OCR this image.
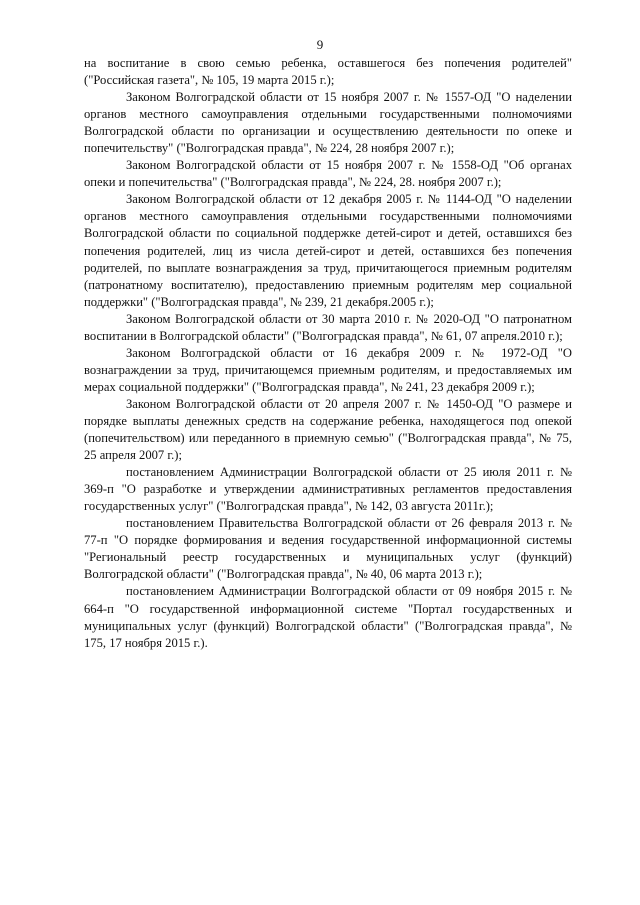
9

на воспитание в свою семью ребенка, оставшегося без попечения родителей" ("Российская газета", № 105, 19 марта 2015 г.);

Законом Волгоградской области от 15 ноября 2007 г. № 1557-ОД "О наделении органов местного самоуправления отдельными государственными полномочиями Волгоградской области по организации и осуществлению деятельности по опеке и попечительству" ("Волгоградская правда", № 224, 28 ноября 2007 г.);

Законом Волгоградской области от 15 ноября 2007 г. № 1558-ОД "Об органах опеки и попечительства" ("Волгоградская правда", № 224, 28. ноября 2007 г.);

Законом Волгоградской области от 12 декабря 2005 г. № 1144-ОД "О наделении органов местного самоуправления отдельными государственными полномочиями Волгоградской области по социальной поддержке детей-сирот и детей, оставшихся без попечения родителей, лиц из числа детей-сирот и детей, оставшихся без попечения родителей, по выплате вознаграждения за труд, причитающегося приемным родителям (патронатному воспитателю), предоставлению приемным родителям мер социальной поддержки" ("Волгоградская правда", № 239, 21 декабря.2005 г.);

Законом Волгоградской области от 30 марта 2010 г. № 2020-ОД "О патронатном воспитании в Волгоградской области" ("Волгоградская правда", № 61, 07 апреля.2010 г.);

Законом Волгоградской области от 16 декабря 2009 г. № 1972-ОД "О вознаграждении за труд, причитающемся приемным родителям, и предоставляемых им мерах социальной поддержки" ("Волгоградская правда", № 241, 23 декабря 2009 г.);

Законом Волгоградской области от 20 апреля 2007 г. № 1450-ОД "О размере и порядке выплаты денежных средств на содержание ребенка, находящегося под опекой (попечительством) или переданного в приемную семью" ("Волгоградская правда", № 75, 25 апреля 2007 г.);

постановлением Администрации Волгоградской области от 25 июля 2011 г. № 369-п "О разработке и утверждении административных регламентов предоставления государственных услуг" ("Волгоградская правда", № 142, 03 августа 2011г.);

постановлением Правительства Волгоградской области от 26 февраля 2013 г. № 77-п "О порядке формирования и ведения государственной информационной системы "Региональный реестр государственных и муниципальных услуг (функций) Волгоградской области" ("Волгоградская правда", № 40, 06 марта 2013 г.);

постановлением Администрации Волгоградской области от 09 ноября 2015 г. № 664-п "О государственной информационной системе "Портал государственных и муниципальных услуг (функций) Волгоградской области" ("Волгоградская правда", № 175, 17 ноября 2015 г.).
